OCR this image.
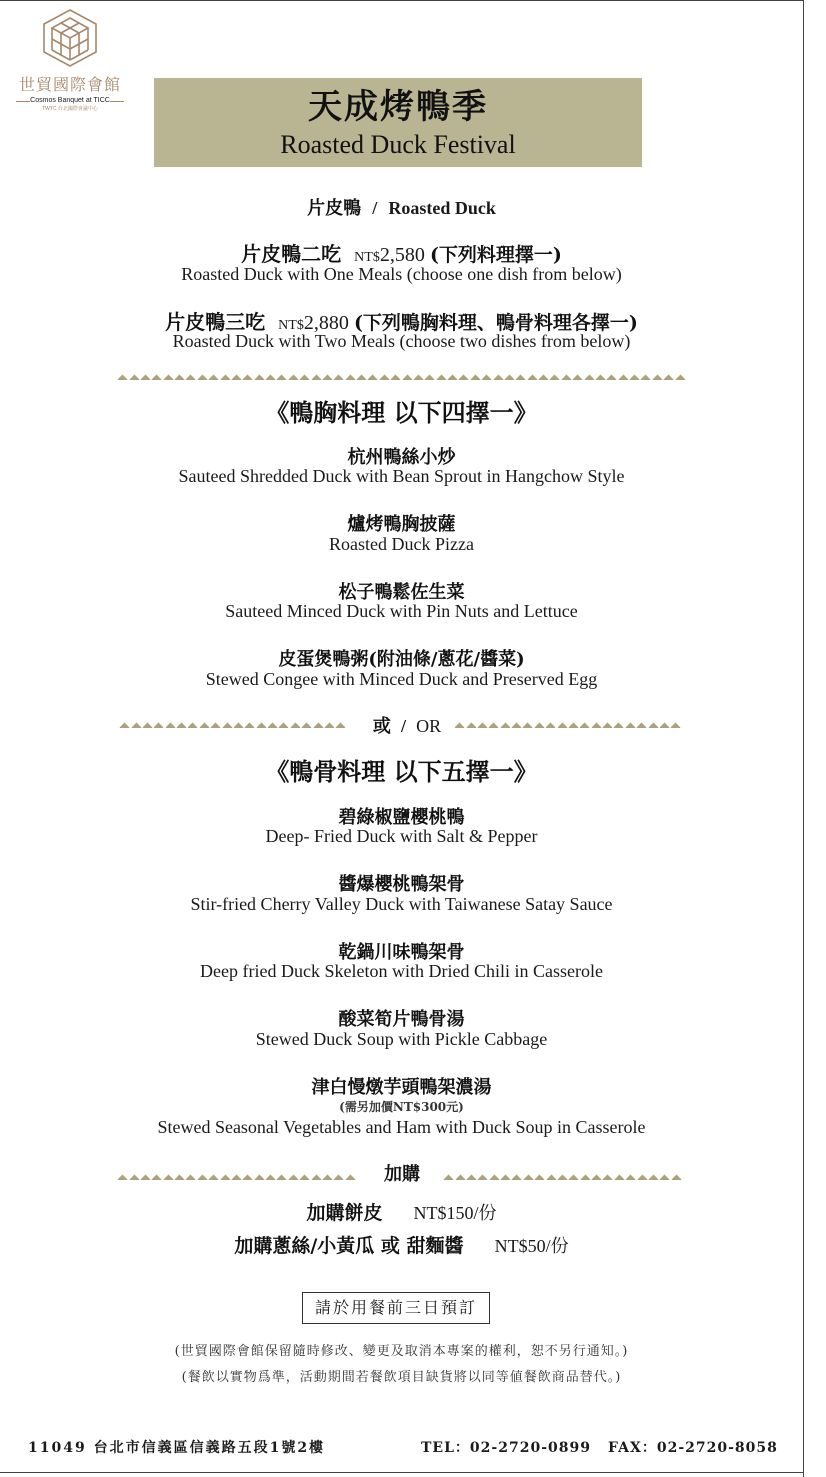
世貿國際會館
Cosmos Banquet at TICC
TWTC 台北國際會議中心	天成烤鴨季
Roasted Duck Festival
片皮鴨 / Roasted Duck
片皮鴨二吃 NT$2,580 (下列料理擇一)
Roasted Duck with One Meals (choose one dish from below)
片皮鴨三吃 NT$2,880 (下列鴨胸料理、鴨骨料理各擇一)
Roasted Duck with Two Meals (choose two dishes from below)
《鴨胸料理 以下四擇一》
杭州鴨絲小炒
Sauteed Shredded Duck with Bean Sprout in Hangchow Style
爐烤鴨胸披薩
Roasted Duck Pizza
松子鴨鬆佐生菜
Sauteed Minced Duck with Pin Nuts and Lettuce
皮蛋煲鴨粥(附油條/蔥花/醬菜)
Stewed Congee with Minced Duck and Preserved Egg
或 / OR
《鴨骨料理 以下五擇一》
碧綠椒鹽櫻桃鴨
Deep- Fried Duck with Salt & Pepper
醬爆櫻桃鴨架骨
Stir-fried Cherry Valley Duck with Taiwanese Satay Sauce
乾鍋川味鴨架骨
Deep fried Duck Skeleton with Dried Chili in Casserole
酸菜筍片鴨骨湯
Stewed Duck Soup with Pickle Cabbage
津白慢燉芋頭鴨架濃湯
(需另加價NT$300元)
Stewed Seasonal Vegetables and Ham with Duck Soup in Casserole
加購
加購餅皮 NT$150/份
加購蔥絲/小黃瓜 或 甜麵醬 NT$50/份
請於用餐前三日預訂
(世貿國際會館保留隨時修改、變更及取消本專案的權利，恕不另行通知。)
(餐飲以實物爲準，活動期間若餐飲項目缺貨將以同等値餐飲商品替代。)
11049 台北市信義區信義路五段1號2樓	TEL：02-2720-0899 FAX：02-2720-8058
